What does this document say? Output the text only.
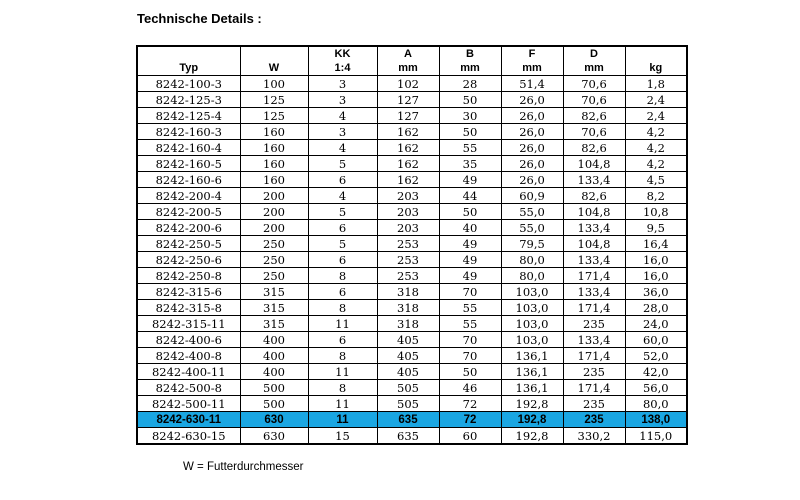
Technische Details :
		KK	A	B	F	D	
Typ	W	1:4	mm	mm	mm	mm	kg
8242-100-3	100	3	102	28	51,4	70,6	1,8
8242-125-3	125	3	127	50	26,0	70,6	2,4
8242-125-4	125	4	127	30	26,0	82,6	2,4
8242-160-3	160	3	162	50	26,0	70,6	4,2
8242-160-4	160	4	162	55	26,0	82,6	4,2
8242-160-5	160	5	162	35	26,0	104,8	4,2
8242-160-6	160	6	162	49	26,0	133,4	4,5
8242-200-4	200	4	203	44	60,9	82,6	8,2
8242-200-5	200	5	203	50	55,0	104,8	10,8
8242-200-6	200	6	203	40	55,0	133,4	9,5
8242-250-5	250	5	253	49	79,5	104,8	16,4
8242-250-6	250	6	253	49	80,0	133,4	16,0
8242-250-8	250	8	253	49	80,0	171,4	16,0
8242-315-6	315	6	318	70	103,0	133,4	36,0
8242-315-8	315	8	318	55	103,0	171,4	28,0
8242-315-11	315	11	318	55	103,0	235	24,0
8242-400-6	400	6	405	70	103,0	133,4	60,0
8242-400-8	400	8	405	70	136,1	171,4	52,0
8242-400-11	400	11	405	50	136,1	235	42,0
8242-500-8	500	8	505	46	136,1	171,4	56,0
8242-500-11	500	11	505	72	192,8	235	80,0
8242-630-11	630	11	635	72	192,8	235	138,0
8242-630-15	630	15	635	60	192,8	330,2	115,0
W = Futterdurchmesser
